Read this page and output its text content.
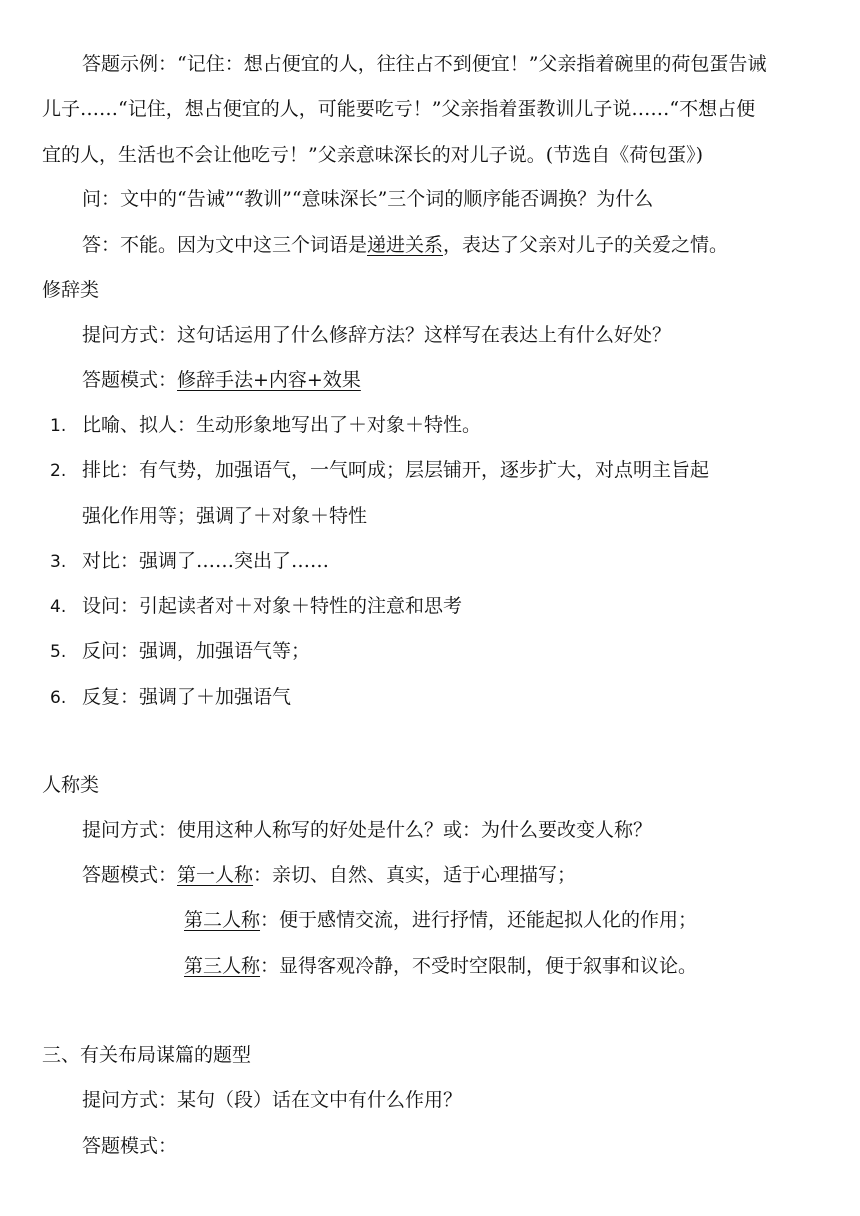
答题示例：“记住：想占便宜的人，往往占不到便宜！”父亲指着碗里的荷包蛋告诫
儿子……“记住，想占便宜的人，可能要吃亏！”父亲指着蛋教训儿子说……“不想占便
宜的人，生活也不会让他吃亏！”父亲意味深长的对儿子说。(节选自《荷包蛋》)
问：文中的“告诫”“教训”“意味深长”三个词的顺序能否调换？为什么
答：不能。因为文中这三个词语是递进关系，表达了父亲对儿子的关爱之情。
修辞类
提问方式：这句话运用了什么修辞方法？这样写在表达上有什么好处？
答题模式：修辞手法+内容+效果
1. 比喻、拟人：生动形象地写出了＋对象＋特性。
2. 排比：有气势，加强语气，一气呵成；层层铺开，逐步扩大，对点明主旨起
强化作用等；强调了＋对象＋特性
3. 对比：强调了……突出了……
4. 设问：引起读者对＋对象＋特性的注意和思考
5. 反问：强调，加强语气等；
6. 反复：强调了＋加强语气
人称类
提问方式：使用这种人称写的好处是什么？或：为什么要改变人称？
答题模式：第一人称：亲切、自然、真实，适于心理描写；
第二人称：便于感情交流，进行抒情，还能起拟人化的作用；
第三人称：显得客观冷静，不受时空限制，便于叙事和议论。
三、有关布局谋篇的题型
提问方式：某句（段）话在文中有什么作用？
答题模式：
